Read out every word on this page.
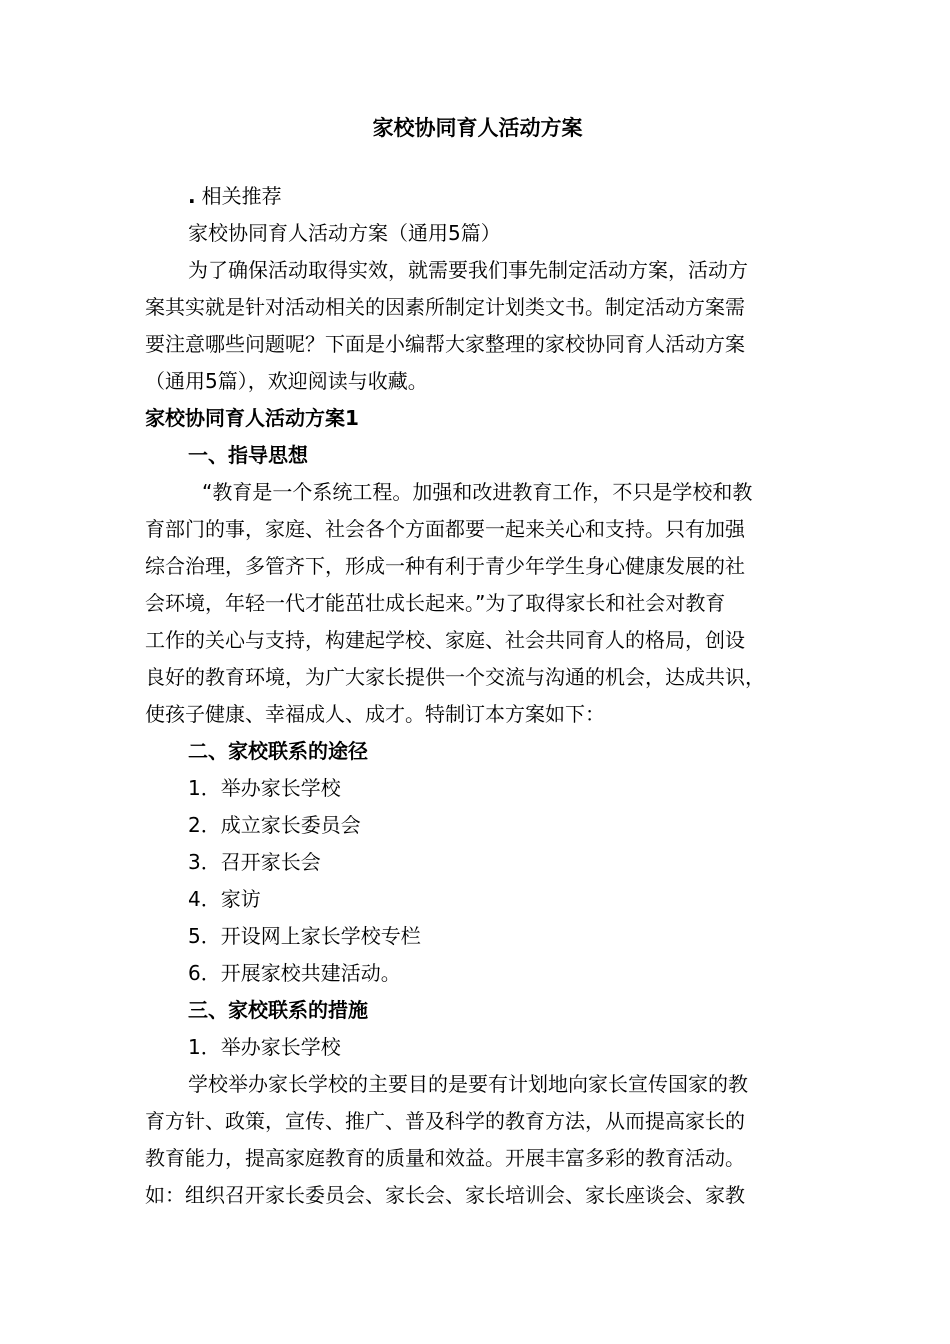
家校协同育人活动方案
. 相关推荐
家校协同育人活动方案（通用5篇）
为了确保活动取得实效，就需要我们事先制定活动方案，活动方
案其实就是针对活动相关的因素所制定计划类文书。制定活动方案需
要注意哪些问题呢？下面是小编帮大家整理的家校协同育人活动方案
（通用5篇），欢迎阅读与收藏。
家校协同育人活动方案1
一、指导思想
“教育是一个系统工程。加强和改进教育工作，不只是学校和教
育部门的事，家庭、社会各个方面都要一起来关心和支持。只有加强
综合治理，多管齐下，形成一种有利于青少年学生身心健康发展的社
会环境，年轻一代才能茁壮成长起来。”为了取得家长和社会对教育
工作的关心与支持，构建起学校、家庭、社会共同育人的格局，创设
良好的教育环境，为广大家长提供一个交流与沟通的机会，达成共识，
使孩子健康、幸福成人、成才。特制订本方案如下：
二、家校联系的途径
1．举办家长学校
2．成立家长委员会
3．召开家长会
4．家访
5．开设网上家长学校专栏
6．开展家校共建活动。
三、家校联系的措施
1．举办家长学校
学校举办家长学校的主要目的是要有计划地向家长宣传国家的教
育方针、政策，宣传、推广、普及科学的教育方法，从而提高家长的
教育能力，提高家庭教育的质量和效益。开展丰富多彩的教育活动。
如：组织召开家长委员会、家长会、家长培训会、家长座谈会、家教
